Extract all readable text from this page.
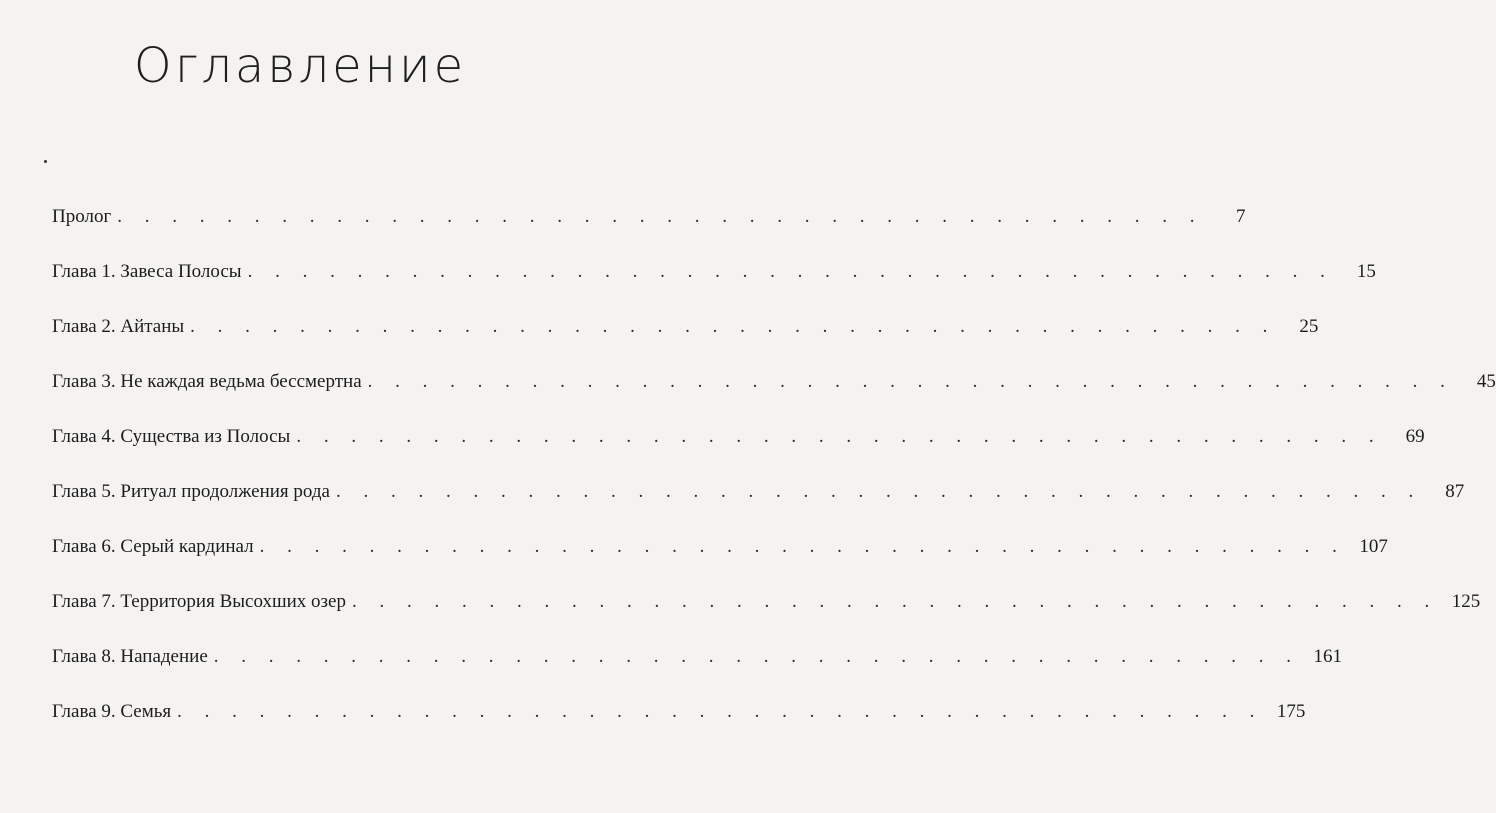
Оглавление
Пролог . . . . . . . . . . . . . . . . . . . . . . . . . . . . . . . . . . . . . . . .	7
Глава 1. Завеса Полосы . . . . . . . . . . . . . . . . . . . . . . . . . . . . . . . . . . . . . . . .	15
Глава 2. Айтаны . . . . . . . . . . . . . . . . . . . . . . . . . . . . . . . . . . . . . . . .	25
Глава 3. Не каждая ведьма бессмертна . . . . . . . . . . . . . . . . . . . . . . . . . . . . . . . . . . . . . . . .	45
Глава 4. Существа из Полосы . . . . . . . . . . . . . . . . . . . . . . . . . . . . . . . . . . . . . . . .	69
Глава 5. Ритуал продолжения рода . . . . . . . . . . . . . . . . . . . . . . . . . . . . . . . . . . . . . . . .	87
Глава 6. Серый кардинал . . . . . . . . . . . . . . . . . . . . . . . . . . . . . . . . . . . . . . . . 107
Глава 7. Территория Высохших озер . . . . . . . . . . . . . . . . . . . . . . . . . . . . . . . . . . . . . . . . 125
Глава 8. Нападение . . . . . . . . . . . . . . . . . . . . . . . . . . . . . . . . . . . . . . . . 161
Глава 9. Семья . . . . . . . . . . . . . . . . . . . . . . . . . . . . . . . . . . . . . . . . 175
